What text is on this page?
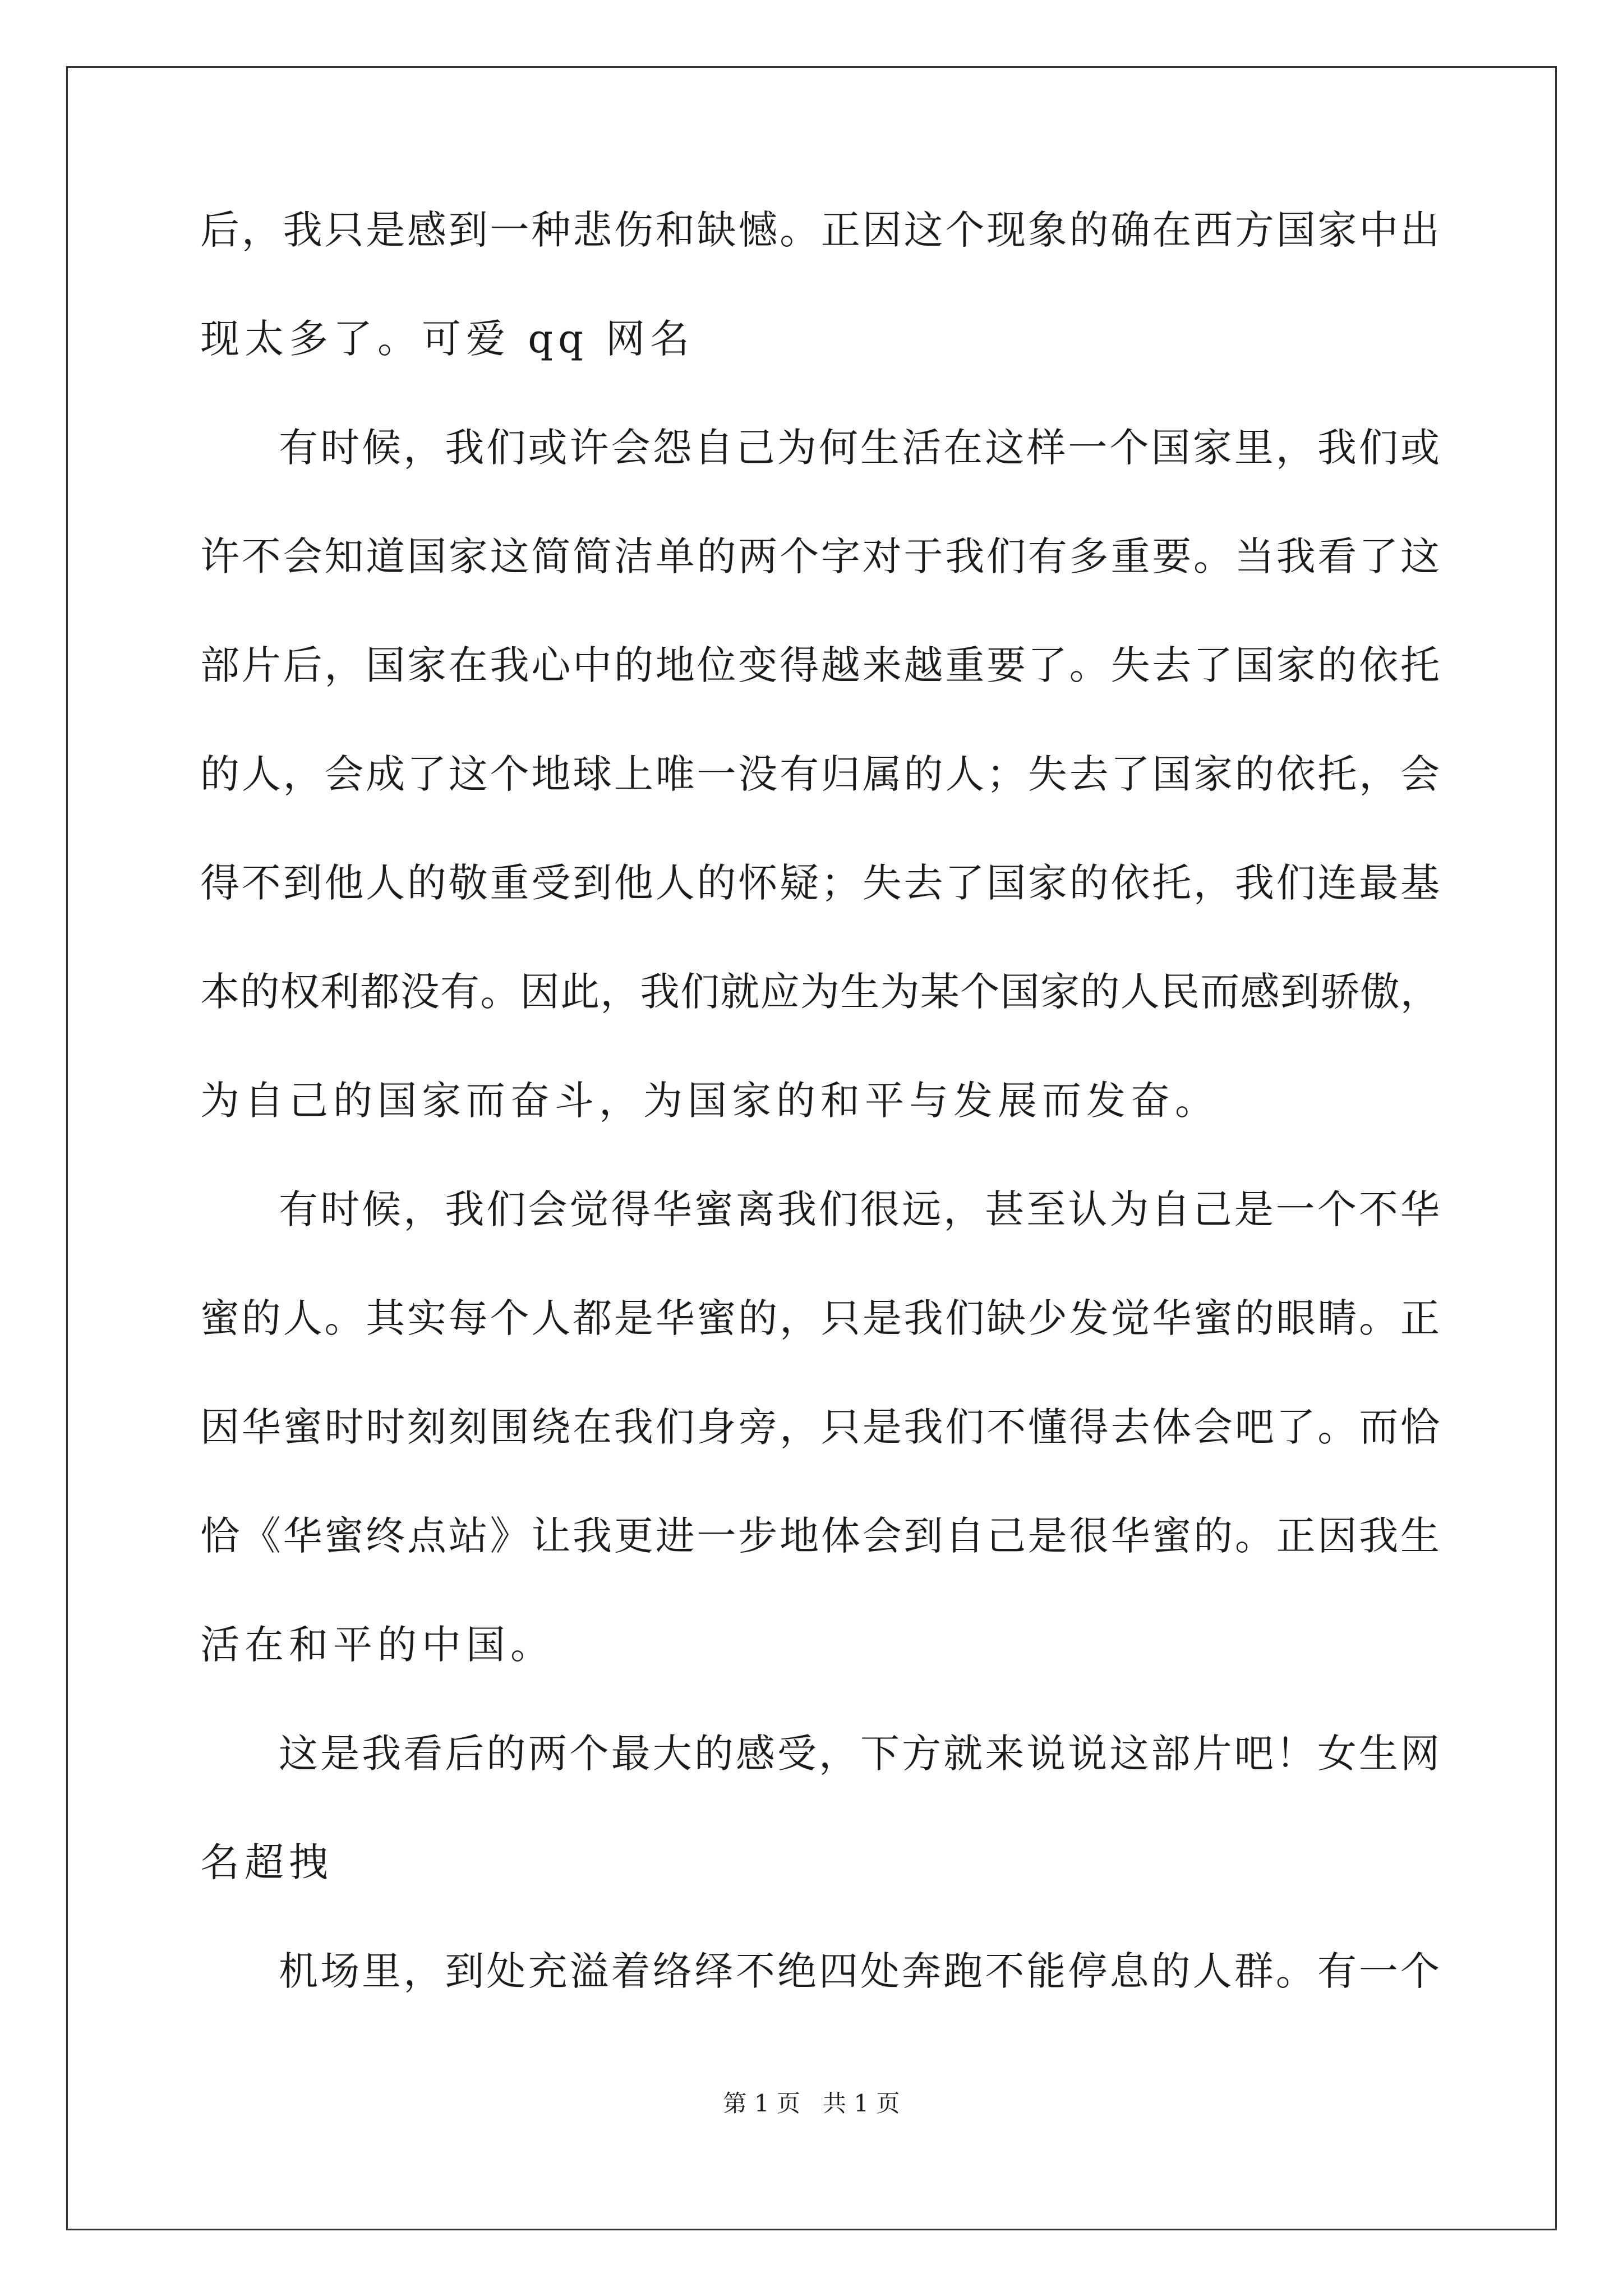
后，我只是感到一种悲伤和缺憾。正因这个现象的确在西方国家中出
现太多了。可爱 qq 网名
有时候，我们或许会怨自己为何生活在这样一个国家里，我们或
许不会知道国家这简简洁单的两个字对于我们有多重要。当我看了这
部片后，国家在我心中的地位变得越来越重要了。失去了国家的依托
的人，会成了这个地球上唯一没有归属的人；失去了国家的依托，会
得不到他人的敬重受到他人的怀疑；失去了国家的依托，我们连最基
本的权利都没有。因此，我们就应为生为某个国家的人民而感到骄傲，
为自己的国家而奋斗，为国家的和平与发展而发奋。
有时候，我们会觉得华蜜离我们很远，甚至认为自己是一个不华
蜜的人。其实每个人都是华蜜的，只是我们缺少发觉华蜜的眼睛。正
因华蜜时时刻刻围绕在我们身旁，只是我们不懂得去体会吧了。而恰
恰《华蜜终点站》让我更进一步地体会到自己是很华蜜的。正因我生
活在和平的中国。
这是我看后的两个最大的感受，下方就来说说这部片吧！女生网
名超拽
机场里，到处充溢着络绎不绝四处奔跑不能停息的人群。有一个
第 1 页   共 1 页
